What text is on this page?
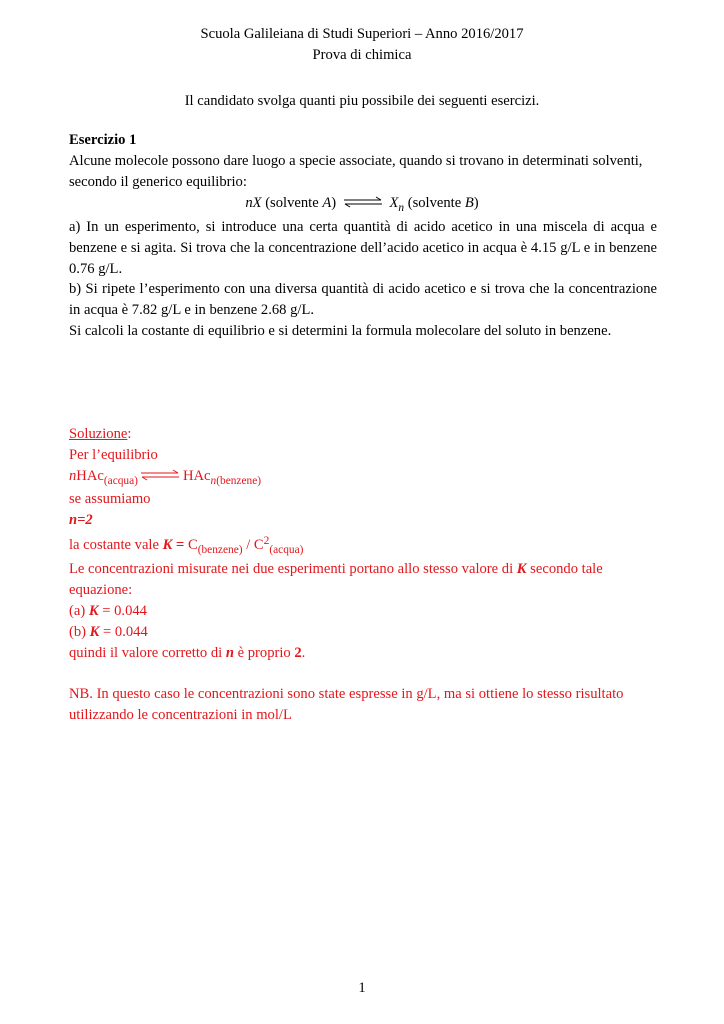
Scuola Galileiana di Studi Superiori – Anno 2016/2017
Prova di chimica
Il candidato svolga quanti piu possibile dei seguenti esercizi.
Esercizio 1
Alcune molecole possono dare luogo a specie associate, quando si trovano in determinati solventi,
secondo il generico equilibrio:
nX (solvente A) ⇌ $X_n$ (solvente B)
a) In un esperimento, si introduce una certa quantità di acido acetico in una miscela di acqua e
benzene e si agita. Si trova che la concentrazione dell’acido acetico in acqua è 4.15 g/L e in benzene
0.76 g/L.
b) Si ripete l’esperimento con una diversa quantità di acido acetico e si trova che la concentrazione
in acqua è 7.82 g/L e in benzene 2.68 g/L.
Si calcoli la costante di equilibrio e si determini la formula molecolare del soluto in benzene.
Soluzione:
Per l’equilibrio
nHAc$_{(acqua)}$ ⇌ HAc$_{n(benzene)}$
se assumiamo
n=2
la costante vale $K = C_{(benzene)} / C^2_{(acqua)}$
Le concentrazioni misurate nei due esperimenti portano allo stesso valore di K secondo tale
equazione:
(a) K = 0.044
(b) K = 0.044
quindi il valore corretto di n è proprio 2.
NB. In questo caso le concentrazioni sono state espresse in g/L, ma si ottiene lo stesso risultato
utilizzando le concentrazioni in mol/L
1
